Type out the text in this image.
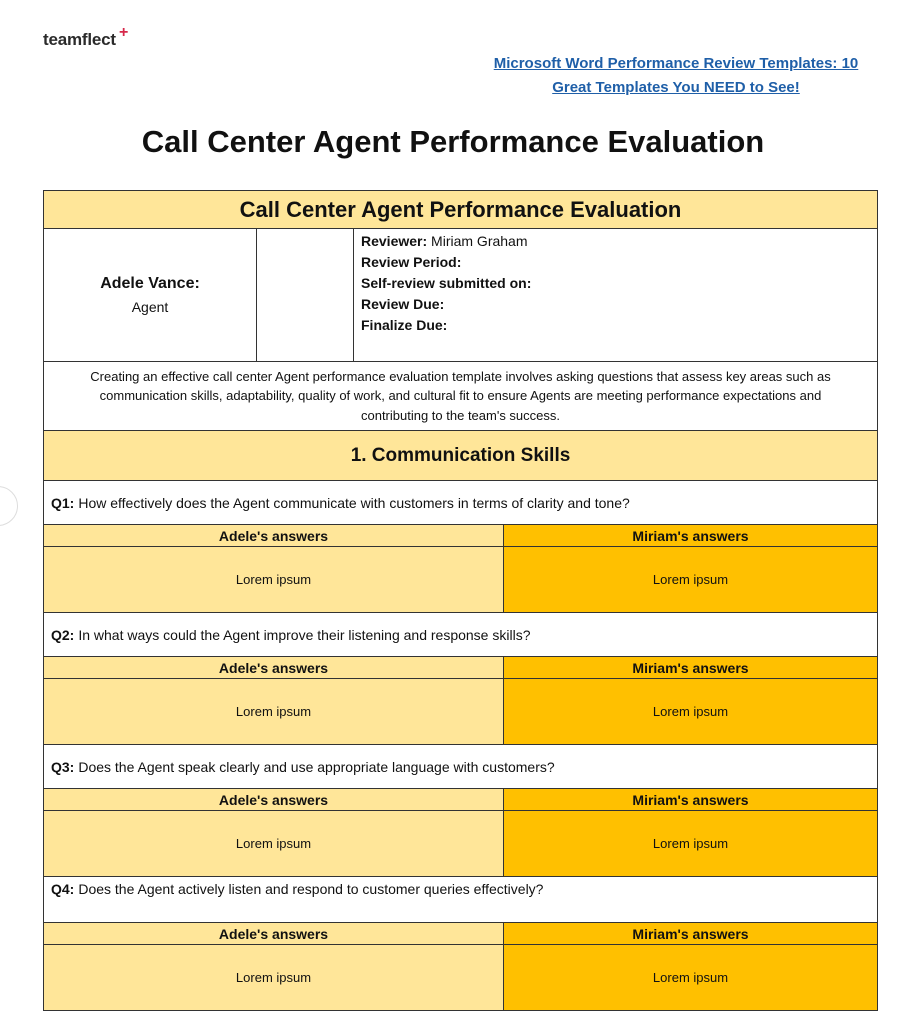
teamflect +
Microsoft Word Performance Review Templates: 10 Great Templates You NEED to See!
Call Center Agent Performance Evaluation
Call Center Agent Performance Evaluation
Adele Vance:
Agent
Reviewer: Miriam Graham
Review Period:
Self-review submitted on:
Review Due:
Finalize Due:
Creating an effective call center Agent performance evaluation template involves asking questions that assess key areas such as communication skills, adaptability, quality of work, and cultural fit to ensure Agents are meeting performance expectations and contributing to the team's success.
1. Communication Skills
Q1: How effectively does the Agent communicate with customers in terms of clarity and tone?
Adele's answers	Miriam's answers
Lorem ipsum	Lorem ipsum
Q2: In what ways could the Agent improve their listening and response skills?
Adele's answers	Miriam's answers
Lorem ipsum	Lorem ipsum
Q3: Does the Agent speak clearly and use appropriate language with customers?
Adele's answers	Miriam's answers
Lorem ipsum	Lorem ipsum
Q4: Does the Agent actively listen and respond to customer queries effectively?
Adele's answers	Miriam's answers
Lorem ipsum	Lorem ipsum
